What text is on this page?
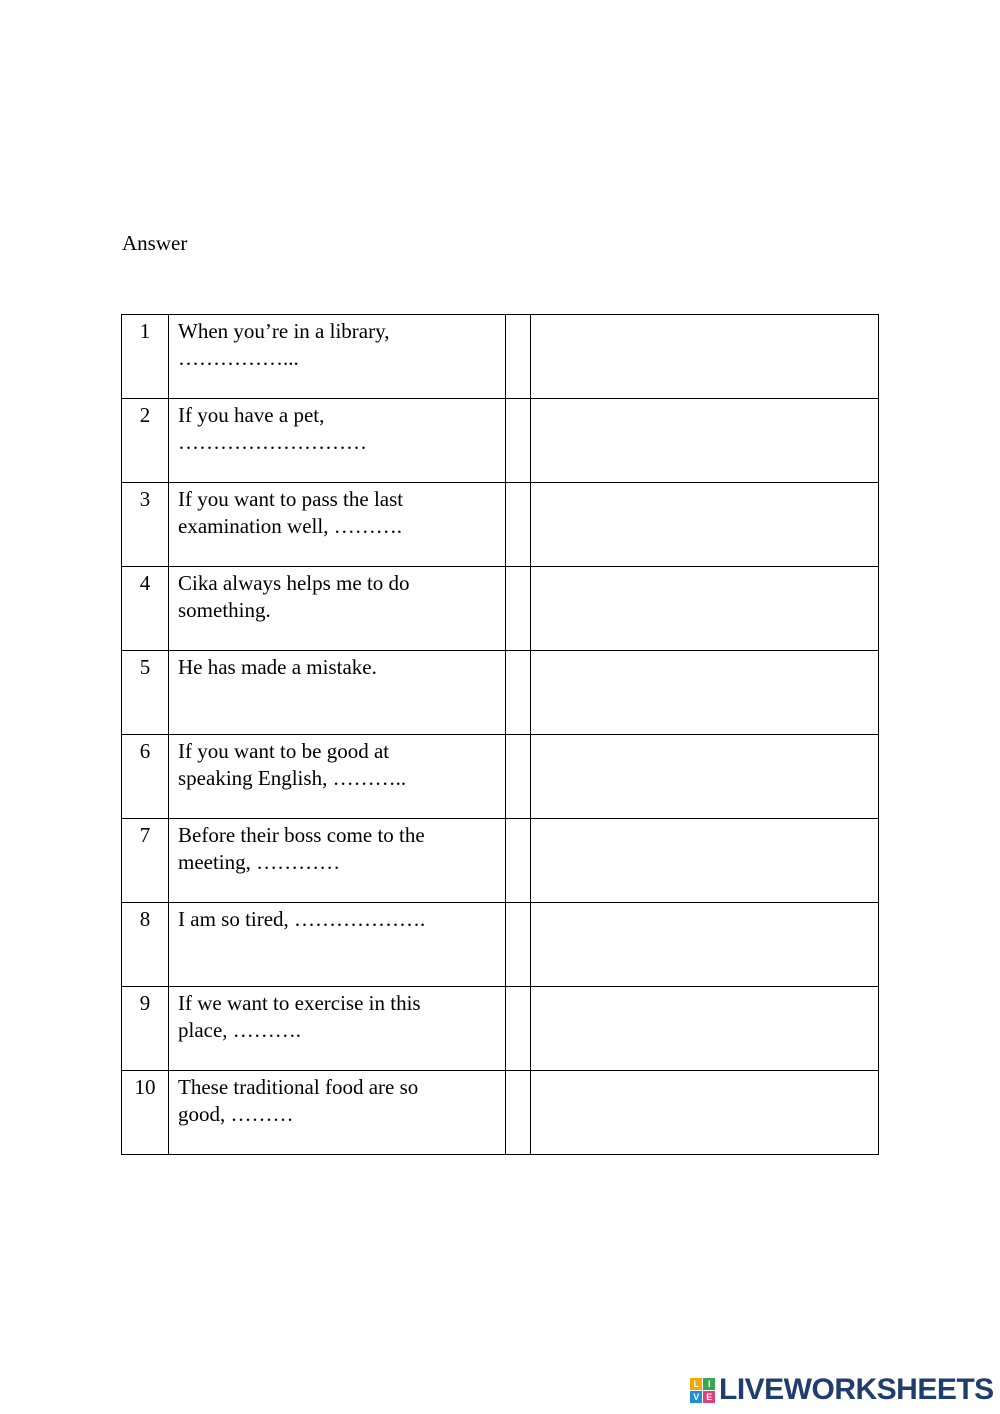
Answer
1	When you’re in a library,
……………...		

2	If you have a pet,
………………………		

3	If you want to pass the last
examination well, ……….		

4	Cika always helps me to do
something.		

5	He has made a mistake.

6	If you want to be good at
speaking English, ………..		

7	Before their boss come to the
meeting, …………		

8	I am so tired, ……………….

9	If we want to exercise in this
place, ……….		

10	These traditional food are so
good, ………		
L	I
V E LIVEWORKSHEETS
